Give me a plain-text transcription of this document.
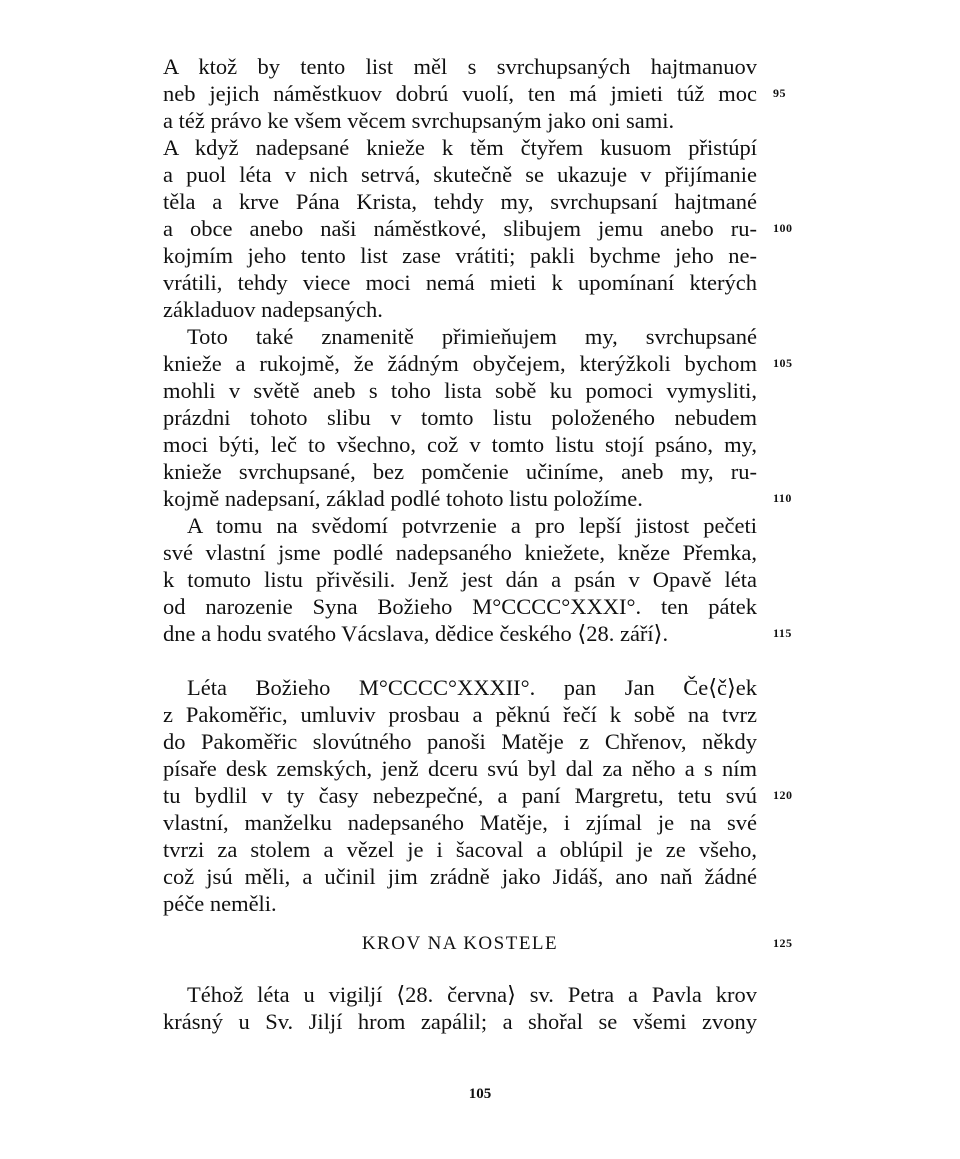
A ktož by tento list měl s svrchupsaných hajtmanuov
neb jejich náměstkuov dobrú vuolí, ten má jmieti túž moc
a též právo ke všem věcem svrchupsaným jako oni sami.
A když nadepsané knieže k těm čtyřem kusuom přistúpí
a puol léta v nich setrvá, skutečně se ukazuje v přijímanie
těla a krve Pána Krista, tehdy my, svrchupsaní hajtmané
a obce anebo naši náměstkové, slibujem jemu anebo ru-
kojmím jeho tento list zase vrátiti; pakli bychme jeho ne-
vrátili, tehdy viece moci nemá mieti k upomínaní kterých
základuov nadepsaných.
Toto také znamenitě přimieňujem my, svrchupsané
knieže a rukojmě, že žádným obyčejem, kterýžkoli bychom
mohli v světě aneb s toho lista sobě ku pomoci vymysliti,
prázdni tohoto slibu v tomto listu položeného nebudem
moci býti, leč to všechno, což v tomto listu stojí psáno, my,
knieže svrchupsané, bez pomčenie učiníme, aneb my, ru-
kojmě nadepsaní, základ podlé tohoto listu položíme.
A tomu na svědomí potvrzenie a pro lepší jistost pečeti
své vlastní jsme podlé nadepsaného kniežete, kněze Přemka,
k tomuto listu přivěsili. Jenž jest dán a psán v Opavě léta
od narozenie Syna Božieho M°CCCC°XXXI°. ten pátek
dne a hodu svatého Vácslava, dědice českého ⟨28. září⟩.
Léta Božieho M°CCCC°XXXII°. pan Jan Če⟨č⟩ek
z Pakoměřic, umluviv prosbau a pěknú řečí k sobě na tvrz
do Pakoměřic slovútného panoši Matěje z Chřenov, někdy
písaře desk zemských, jenž dceru svú byl dal za něho a s ním
tu bydlil v ty časy nebezpečné, a paní Margretu, tetu svú
vlastní, manželku nadepsaného Matěje, i zjímal je na své
tvrzi za stolem a vězel je i šacoval a oblúpil je ze všeho,
což jsú měli, a učinil jim zrádně jako Jidáš, ano naň žádné
péče neměli.
KROV NA KOSTELE
Téhož léta u vigiljí ⟨28. června⟩ sv. Petra a Pavla krov
krásný u Sv. Jiljí hrom zapálil; a shořal se všemi zvony
95
100
105
110
115
120
125
105
